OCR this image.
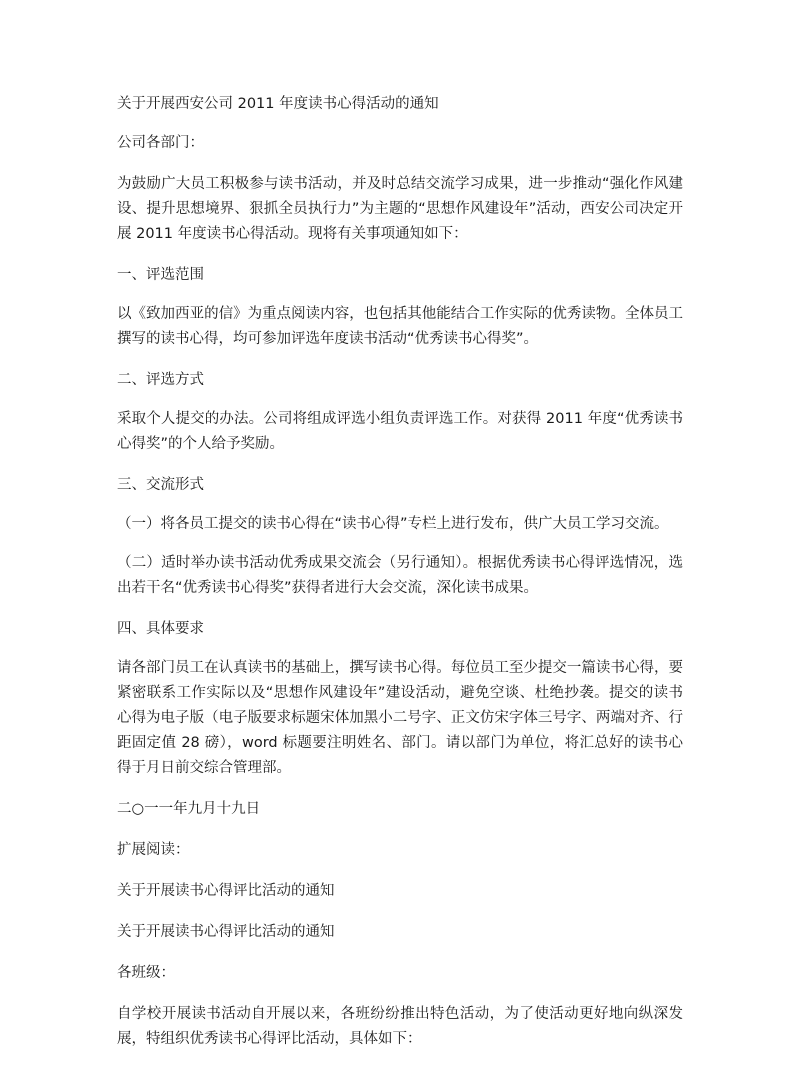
关于开展西安公司 2011 年度读书心得活动的通知

公司各部门：

为鼓励广大员工积极参与读书活动，并及时总结交流学习成果，进一步推动“强化作风建设、提升思想境界、狠抓全员执行力”为主题的“思想作风建设年”活动，西安公司决定开展 2011 年度读书心得活动。现将有关事项通知如下：

一、评选范围

以《致加西亚的信》为重点阅读内容，也包括其他能结合工作实际的优秀读物。全体员工撰写的读书心得，均可参加评选年度读书活动“优秀读书心得奖”。

二、评选方式

采取个人提交的办法。公司将组成评选小组负责评选工作。对获得 2011 年度“优秀读书心得奖”的个人给予奖励。

三、交流形式

（一）将各员工提交的读书心得在“读书心得”专栏上进行发布，供广大员工学习交流。

（二）适时举办读书活动优秀成果交流会（另行通知）。根据优秀读书心得评选情况，选出若干名“优秀读书心得奖”获得者进行大会交流，深化读书成果。

四、具体要求

请各部门员工在认真读书的基础上，撰写读书心得。每位员工至少提交一篇读书心得，要紧密联系工作实际以及“思想作风建设年”建设活动，避免空谈、杜绝抄袭。提交的读书心得为电子版（电子版要求标题宋体加黑小二号字、正文仿宋字体三号字、两端对齐、行距固定值 28 磅），word 标题要注明姓名、部门。请以部门为单位，将汇总好的读书心得于月日前交综合管理部。

二○一一年九月十九日

扩展阅读：

关于开展读书心得评比活动的通知

关于开展读书心得评比活动的通知

各班级：

自学校开展读书活动自开展以来，各班纷纷推出特色活动，为了使活动更好地向纵深发展，特组织优秀读书心得评比活动，具体如下：
